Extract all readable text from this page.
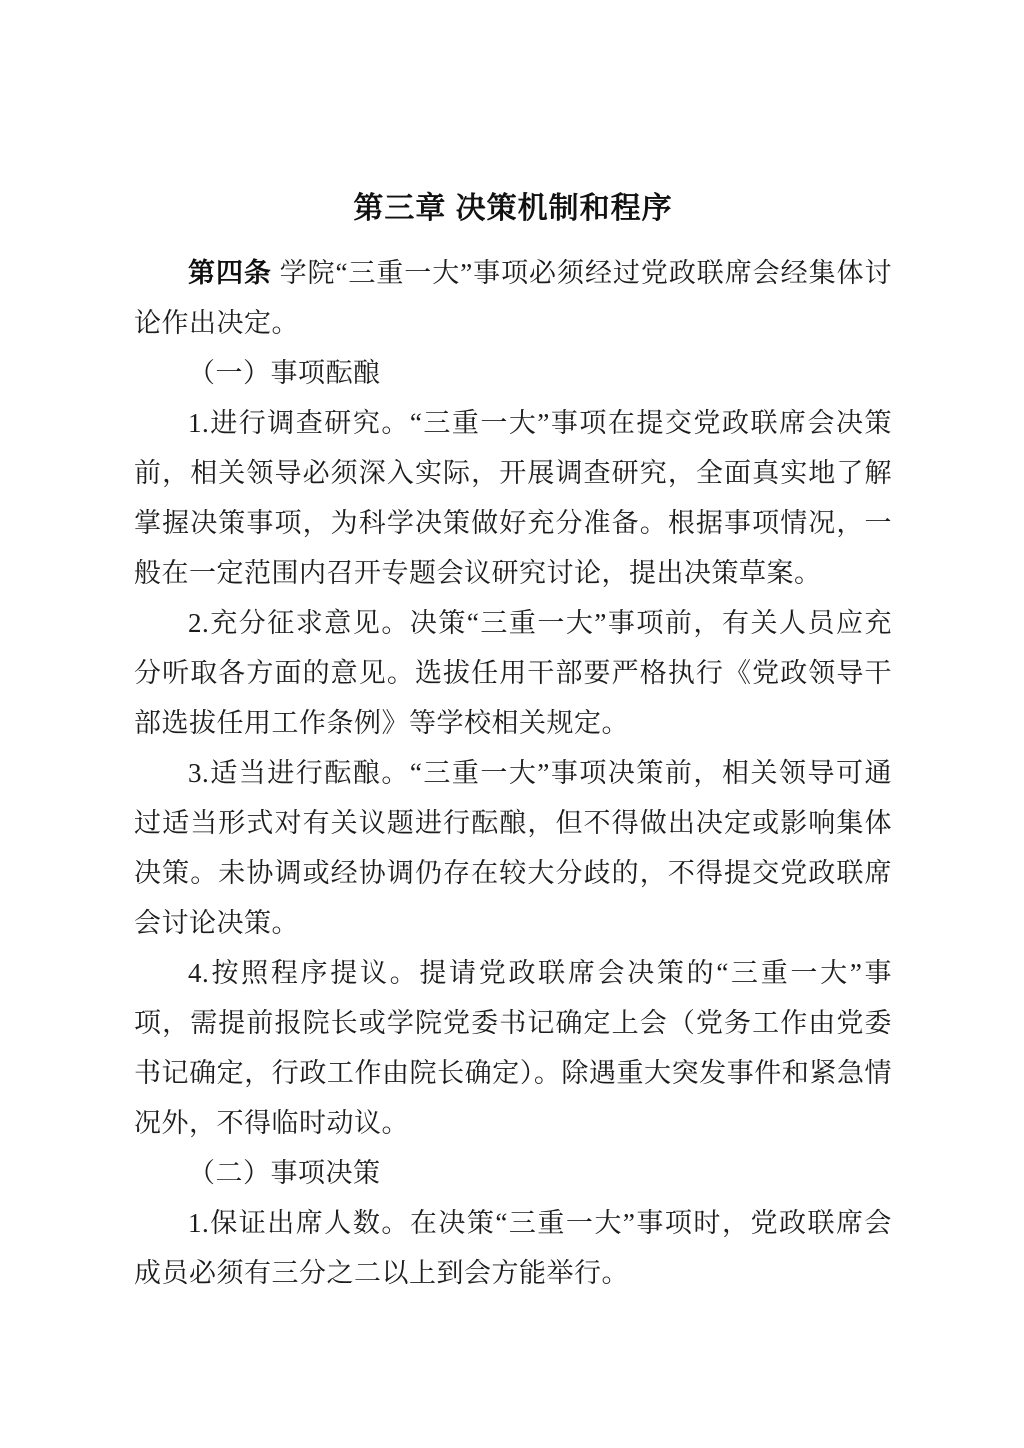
第三章 决策机制和程序

第四条 学院“三重一大”事项必须经过党政联席会经集体讨论作出决定。

（一）事项酝酿

1.进行调查研究。“三重一大”事项在提交党政联席会决策前，相关领导必须深入实际，开展调查研究，全面真实地了解掌握决策事项，为科学决策做好充分准备。根据事项情况，一般在一定范围内召开专题会议研究讨论，提出决策草案。

2.充分征求意见。决策“三重一大”事项前，有关人员应充分听取各方面的意见。选拔任用干部要严格执行《党政领导干部选拔任用工作条例》等学校相关规定。

3.适当进行酝酿。“三重一大”事项决策前，相关领导可通过适当形式对有关议题进行酝酿，但不得做出决定或影响集体决策。未协调或经协调仍存在较大分歧的，不得提交党政联席会讨论决策。

4.按照程序提议。提请党政联席会决策的“三重一大”事项，需提前报院长或学院党委书记确定上会（党务工作由党委书记确定，行政工作由院长确定）。除遇重大突发事件和紧急情况外，不得临时动议。

（二）事项决策

1.保证出席人数。在决策“三重一大”事项时，党政联席会成员必须有三分之二以上到会方能举行。
